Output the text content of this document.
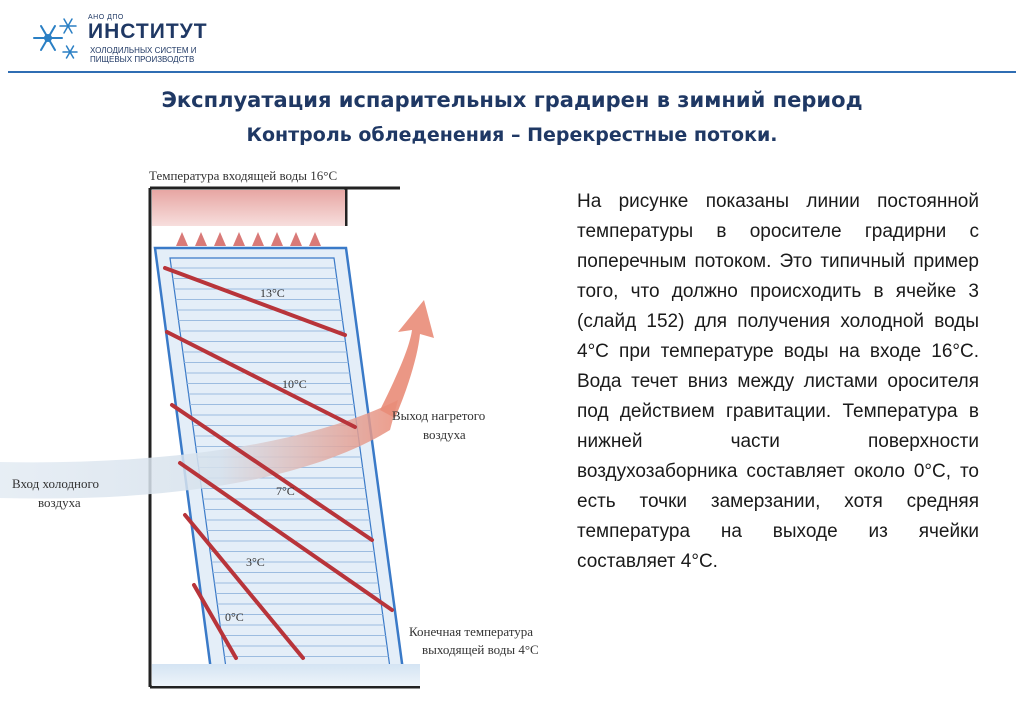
АНО ДПО
ИНСТИТУТ
ХОЛОДИЛЬНЫХ СИСТЕМ И
ПИЩЕВЫХ ПРОИЗВОДСТВ
Эксплуатация испарительных градирен в зимний период
Контроль обледенения – Перекрестные потоки.
Температура входящей воды 16°C
13°C
10°C
7°C
3°C
0°C
Выход нагретого
воздуха
Вход холодного
воздуха
Конечная температура
выходящей воды 4°C
На рисунке показаны линии постоянной температуры в оросителе градирни с поперечным потоком. Это типичный пример того, что должно происходить в ячейке 3 (слайд 152) для получения холодной воды 4°С при температуре воды на входе 16°С. Вода течет вниз между листами оросителя под действием гравитации. Температура в нижней части поверхности воздухозаборника составляет около 0°С, то есть точки замерзании, хотя средняя температура на выходе из ячейки составляет 4°С.
